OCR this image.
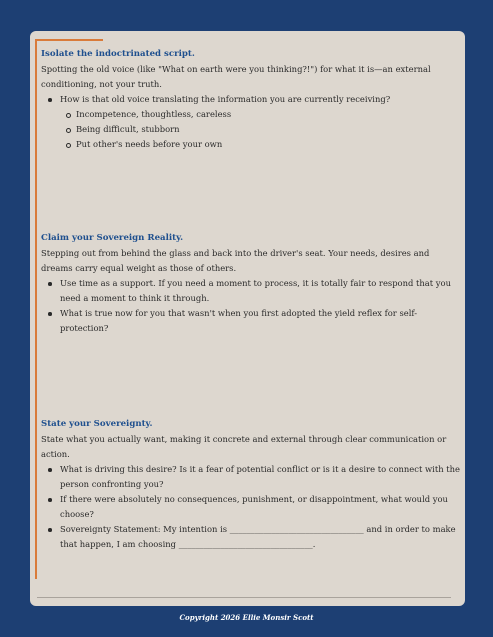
Isolate the indoctrinated script.

Spotting the old voice (like "What on earth were you thinking?!") for what it is—an external conditioning, not your truth.

How is that old voice translating the information you are currently receiving?
Incompetence, thoughtless, careless
Being difficult, stubborn
Put other's needs before your own

Claim your Sovereign Reality.

Stepping out from behind the glass and back into the driver's seat. Your needs, desires and dreams carry equal weight as those of others.

Use time as a support. If you need a moment to process, it is totally fair to respond that you need a moment to think it through.
What is true now for you that wasn't when you first adopted the yield reflex for self-protection?

State your Sovereignty.

State what you actually want, making it concrete and external through clear communication or action.

What is driving this desire? Is it a fear of potential conflict or is it a desire to connect with the person confronting you?
If there were absolutely no consequences, punishment, or disappointment, what would you choose?
Sovereignty Statement: My intention is ________________________________ and in order to make that happen, I am choosing ________________________________.
Copyright 2026 Ellie Monsir Scott
